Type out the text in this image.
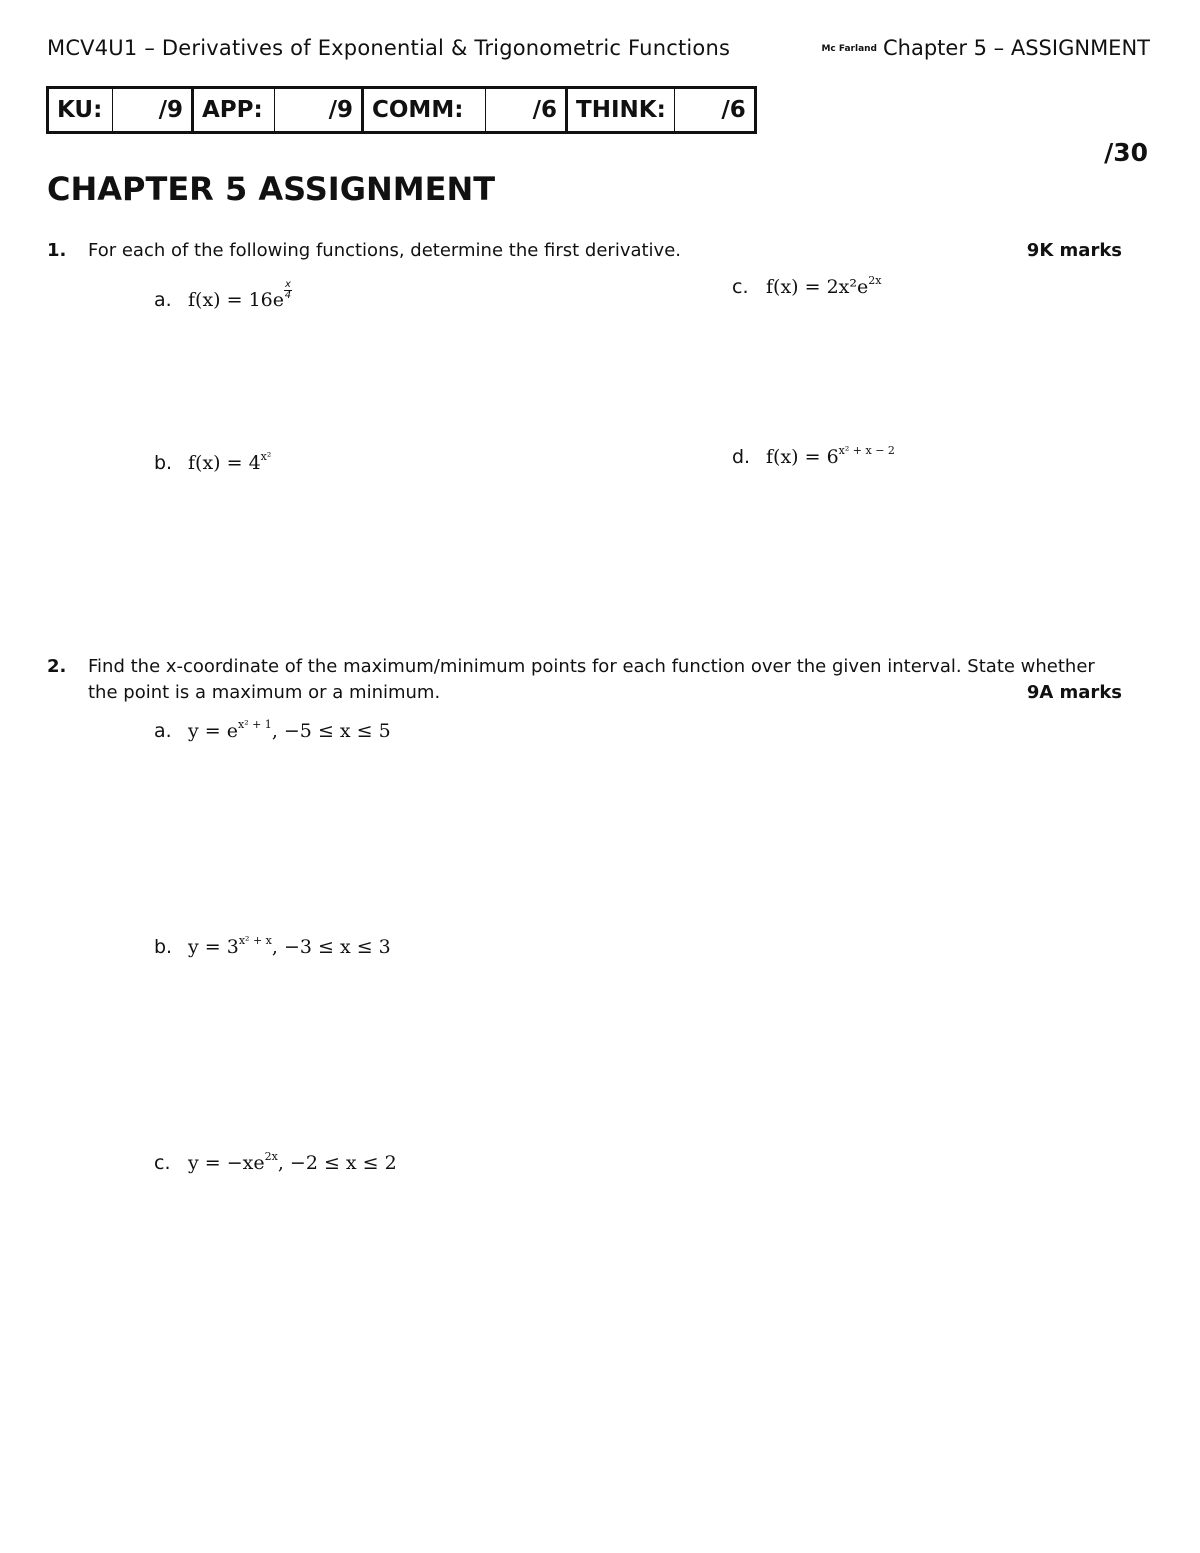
MCV4U1 – Derivatives of Exponential & Trigonometric Functions	Mc Farland Chapter 5 – ASSIGNMENT
KU:	/9	APP:	/9	COMM:	/6	THINK:	/6
/30
CHAPTER 5 ASSIGNMENT
1. For each of the following functions, determine the first derivative.	9K marks
a. $f(x) = 16e \frac{x}{4}$	c. $f(x) = 2x^2e^{2x}$
b. $f(x) = 4^{x^2}$	d. $f(x) = 6^{x^2 + x - 2}$
2. Find the x-coordinate of the maximum/minimum points for each function over the given interval. State whether
the point is a maximum or a minimum.	9A marks
a. $y = e^{x^2 + 1}$, −5 ≤ x ≤ 5
b. $y = 3^{x^2 + x}$, −3 ≤ x ≤ 3
c. $y = -xe^{2x}$, −2 ≤ x ≤ 2
